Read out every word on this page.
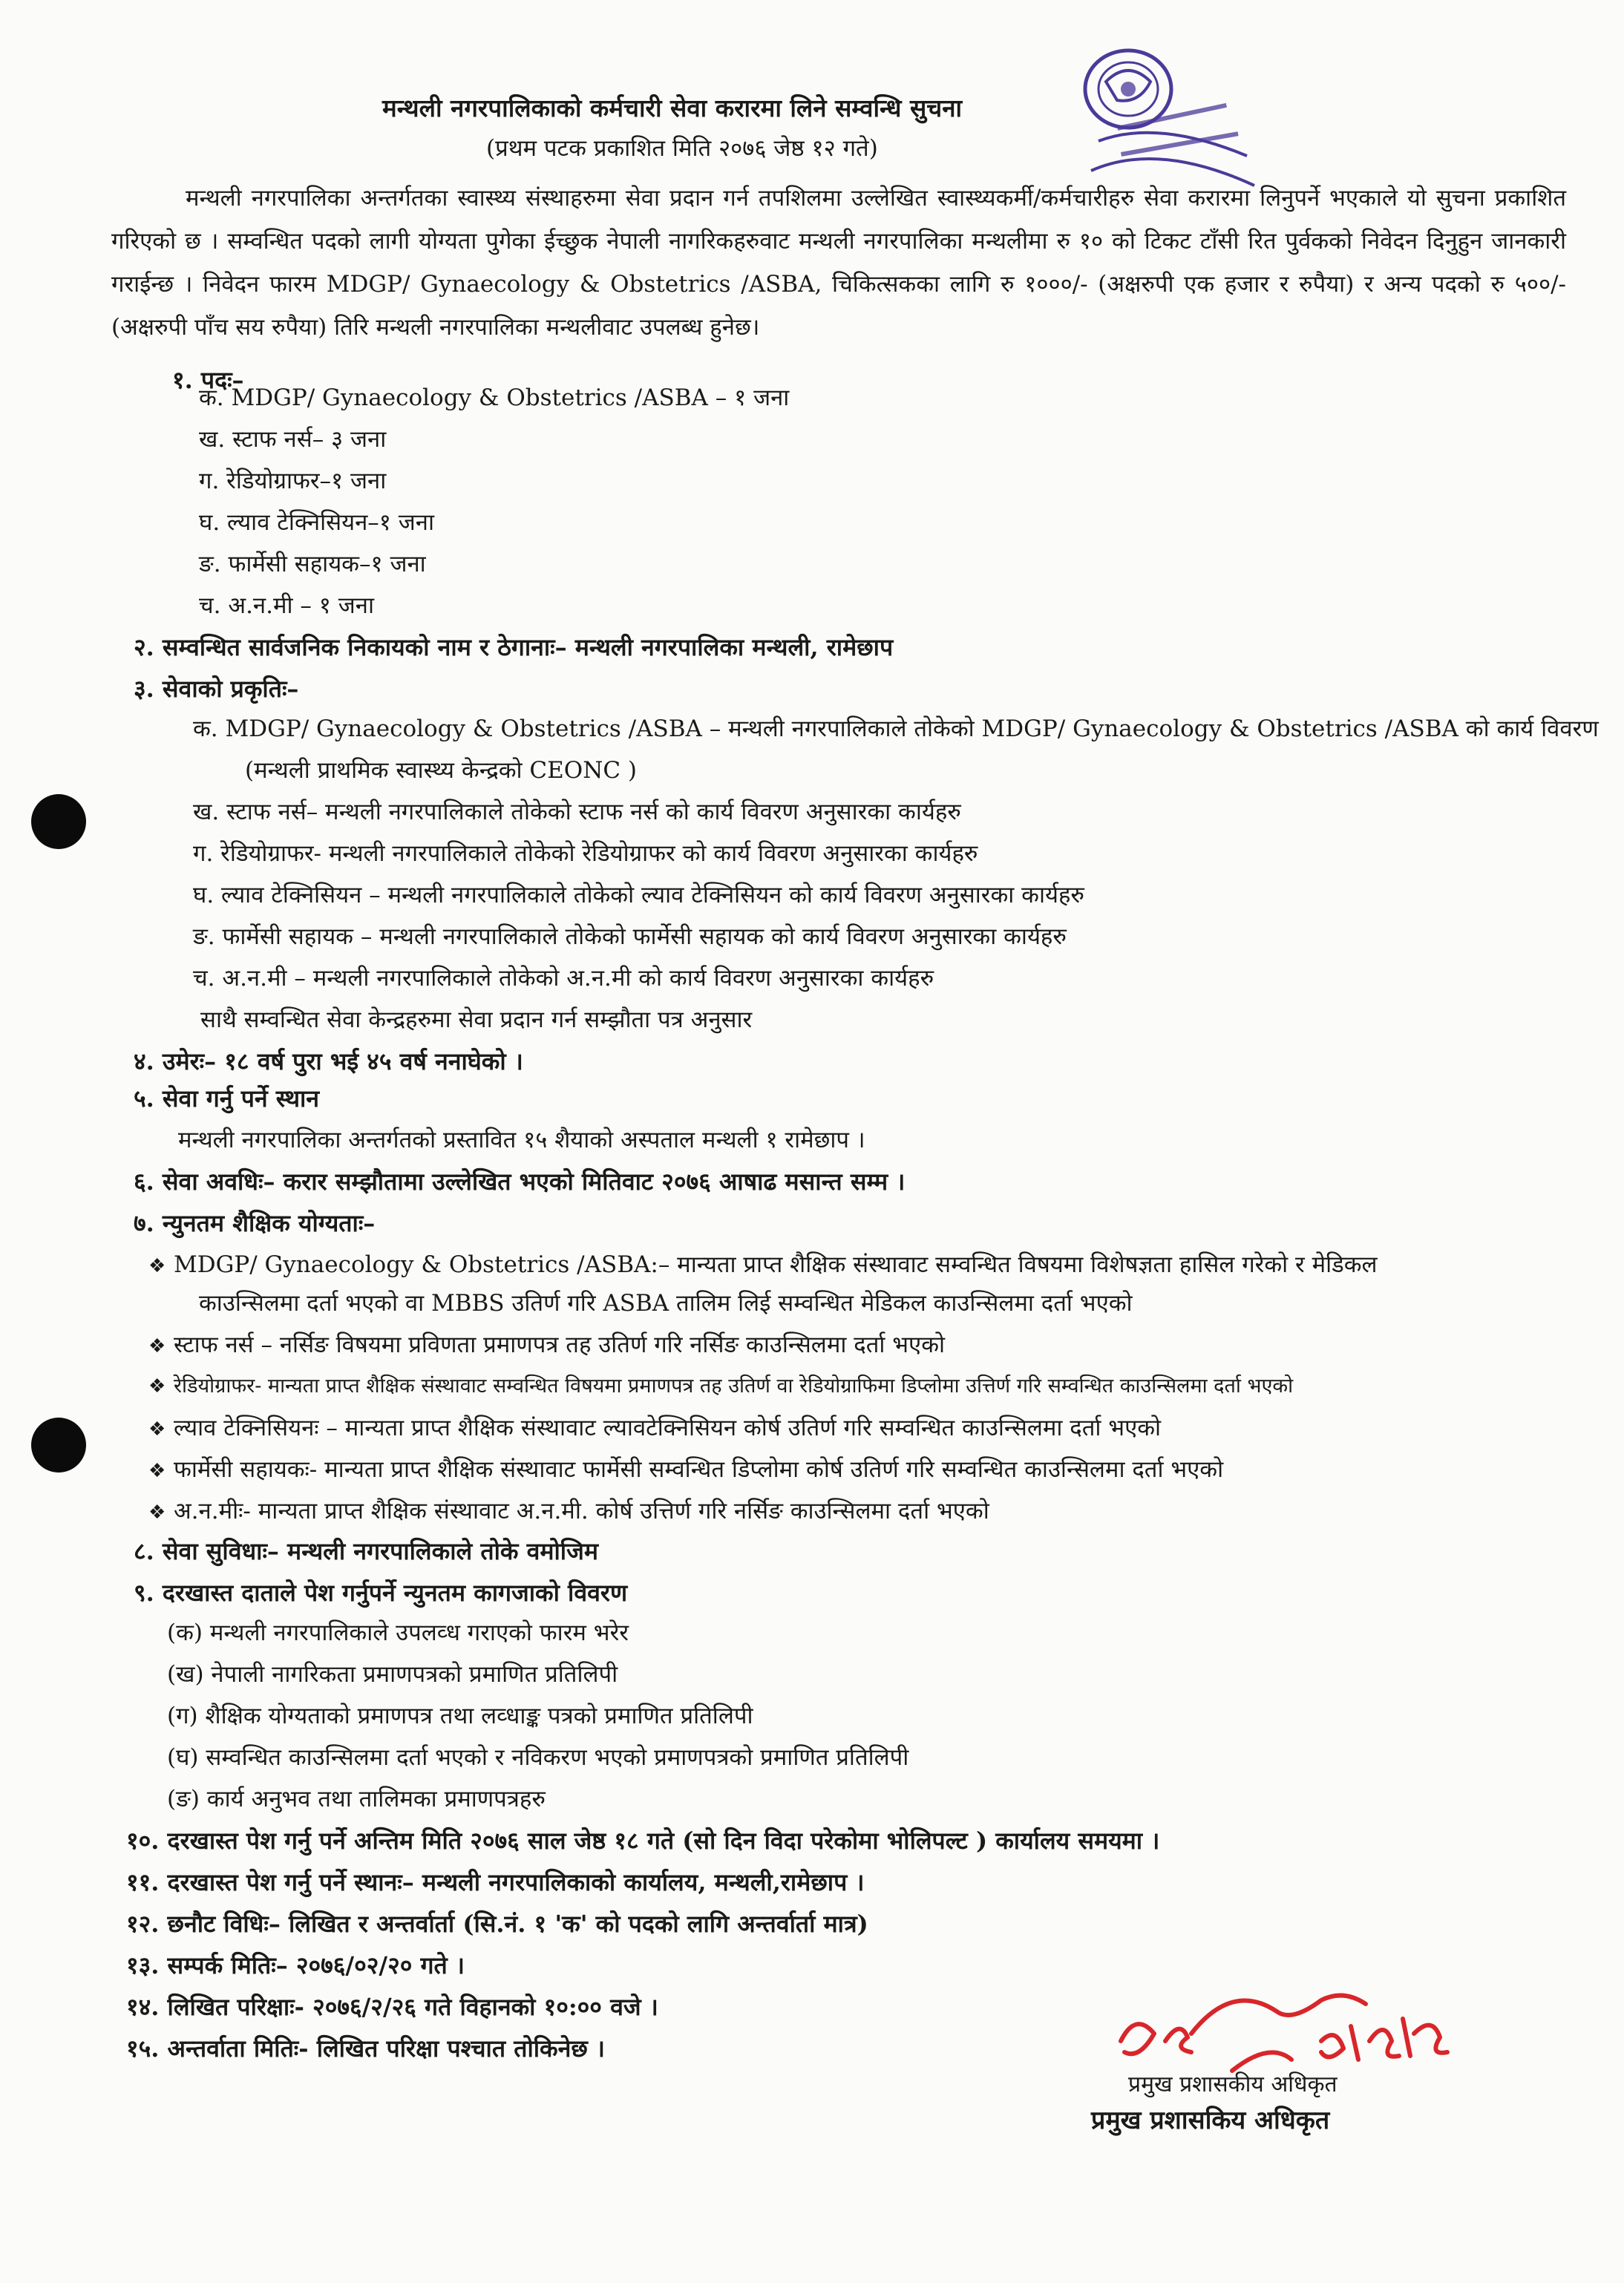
मन्थली नगरपालिकाको कर्मचारी सेवा करारमा लिने सम्वन्धि सुचना
(प्रथम पटक प्रकाशित मिति २०७६ जेष्ठ १२ गते)
मन्थली नगरपालिका अन्तर्गतका स्वास्थ्य संस्थाहरुमा सेवा प्रदान गर्न तपशिलमा उल्लेखित स्वास्थ्यकर्मी/कर्मचारीहरु सेवा करारमा लिनुपर्ने भएकाले यो सुचना प्रकाशित गरिएको छ । सम्वन्धित पदको लागी योग्यता पुगेका ईच्छुक नेपाली नागरिकहरुवाट मन्थली नगरपालिका मन्थलीमा रु १० को टिकट टाँसी रित पुर्वकको निवेदन दिनुहुन जानकारी गराईन्छ । निवेदन फारम MDGP/ Gynaecology & Obstetrics /ASBA, चिकित्सकका लागि रु १०००/- (अक्षरुपी एक हजार र रुपैया) र अन्य पदको रु ५००/- (अक्षरुपी पाँच सय रुपैया) तिरि मन्थली नगरपालिका मन्थलीवाट उपलब्ध हुनेछ।
१. पदः–
क. MDGP/ Gynaecology & Obstetrics /ASBA – १ जना
ख. स्टाफ नर्स– ३ जना
ग. रेडियोग्राफर–१ जना
घ. ल्याव टेक्निसियन–१ जना
ङ. फार्मेसी सहायक–१ जना
च. अ.न.मी – १ जना
२. सम्वन्धित सार्वजनिक निकायको नाम र ठेगानाः– मन्थली नगरपालिका मन्थली, रामेछाप
३. सेवाको प्रकृतिः–
क. MDGP/ Gynaecology & Obstetrics /ASBA – मन्थली नगरपालिकाले तोकेको MDGP/ Gynaecology & Obstetrics /ASBA को कार्य विवरण
(मन्थली प्राथमिक स्वास्थ्य केन्द्रको CEONC )
ख. स्टाफ नर्स– मन्थली नगरपालिकाले तोकेको स्टाफ नर्स को कार्य विवरण अनुसारका कार्यहरु
ग. रेडियोग्राफर- मन्थली नगरपालिकाले तोकेको रेडियोग्राफर को कार्य विवरण अनुसारका कार्यहरु
घ. ल्याव टेक्निसियन – मन्थली नगरपालिकाले तोकेको ल्याव टेक्निसियन को कार्य विवरण अनुसारका कार्यहरु
ङ. फार्मेसी सहायक – मन्थली नगरपालिकाले तोकेको फार्मेसी सहायक को कार्य विवरण अनुसारका कार्यहरु
च. अ.न.मी – मन्थली नगरपालिकाले तोकेको अ.न.मी को कार्य विवरण अनुसारका कार्यहरु
साथै सम्वन्धित सेवा केन्द्रहरुमा सेवा प्रदान गर्न सम्झौता पत्र अनुसार
४. उमेरः– १८ वर्ष पुरा भई ४५ वर्ष ननाघेको ।
५. सेवा गर्नु पर्ने स्थान
मन्थली नगरपालिका अन्तर्गतको प्रस्तावित १५ शैयाको अस्पताल मन्थली १ रामेछाप ।
६. सेवा अवधिः– करार सम्झौतामा उल्लेखित भएको मितिवाट २०७६ आषाढ मसान्त सम्म ।
७. न्युनतम शैक्षिक योग्यताः–
❖ MDGP/ Gynaecology & Obstetrics /ASBA:– मान्यता प्राप्त शैक्षिक संस्थावाट सम्वन्धित विषयमा विशेषज्ञता हासिल गरेको र मेडिकल
काउन्सिलमा दर्ता भएको वा MBBS उतिर्ण गरि ASBA तालिम लिई सम्वन्धित मेडिकल काउन्सिलमा दर्ता भएको
❖ स्टाफ नर्स – नर्सिङ विषयमा प्रविणता प्रमाणपत्र तह उतिर्ण गरि नर्सिङ काउन्सिलमा दर्ता भएको
❖ रेडियोग्राफर- मान्यता प्राप्त शैक्षिक संस्थावाट सम्वन्धित विषयमा प्रमाणपत्र तह उतिर्ण वा रेडियोग्राफिमा डिप्लोमा उत्तिर्ण गरि सम्वन्धित काउन्सिलमा दर्ता भएको
❖ ल्याव टेक्निसियनः – मान्यता प्राप्त शैक्षिक संस्थावाट ल्यावटेक्निसियन कोर्ष उतिर्ण गरि सम्वन्धित काउन्सिलमा दर्ता भएको
❖ फार्मेसी सहायकः- मान्यता प्राप्त शैक्षिक संस्थावाट फार्मेसी सम्वन्धित डिप्लोमा कोर्ष उतिर्ण गरि सम्वन्धित काउन्सिलमा दर्ता भएको
❖ अ.न.मीः- मान्यता प्राप्त शैक्षिक संस्थावाट अ.न.मी. कोर्ष उत्तिर्ण गरि नर्सिङ काउन्सिलमा दर्ता भएको
८. सेवा सुविधाः– मन्थली नगरपालिकाले तोके वमोजिम
९. दरखास्त दाताले पेश गर्नुपर्ने न्युनतम कागजाको विवरण
(क) मन्थली नगरपालिकाले उपलव्ध गराएको फारम भरेर
(ख) नेपाली नागरिकता प्रमाणपत्रको प्रमाणित प्रतिलिपी
(ग) शैक्षिक योग्यताको प्रमाणपत्र तथा लव्धाङ्क पत्रको प्रमाणित प्रतिलिपी
(घ) सम्वन्धित काउन्सिलमा दर्ता भएको र नविकरण भएको प्रमाणपत्रको प्रमाणित प्रतिलिपी
(ङ) कार्य अनुभव तथा तालिमका प्रमाणपत्रहरु
१०. दरखास्त पेश गर्नु पर्ने अन्तिम मिति २०७६ साल जेष्ठ १८ गते (सो दिन विदा परेकोमा भोलिपल्ट ) कार्यालय समयमा ।
११. दरखास्त पेश गर्नु पर्ने स्थानः– मन्थली नगरपालिकाको कार्यालय, मन्थली,रामेछाप ।
१२. छनौट विधिः– लिखित र अन्तर्वार्ता (सि.नं. १ 'क' को पदको लागि अन्तर्वार्ता मात्र)
१३. सम्पर्क मितिः– २०७६/०२/२० गते ।
१४. लिखित परिक्षाः- २०७६/२/२६ गते विहानको १०:०० वजे ।
१५. अन्तर्वाता मितिः- लिखित परिक्षा पश्चात तोकिनेछ ।
प्रमुख प्रशासकीय अधिकृत
प्रमुख प्रशासकिय अधिकृत
